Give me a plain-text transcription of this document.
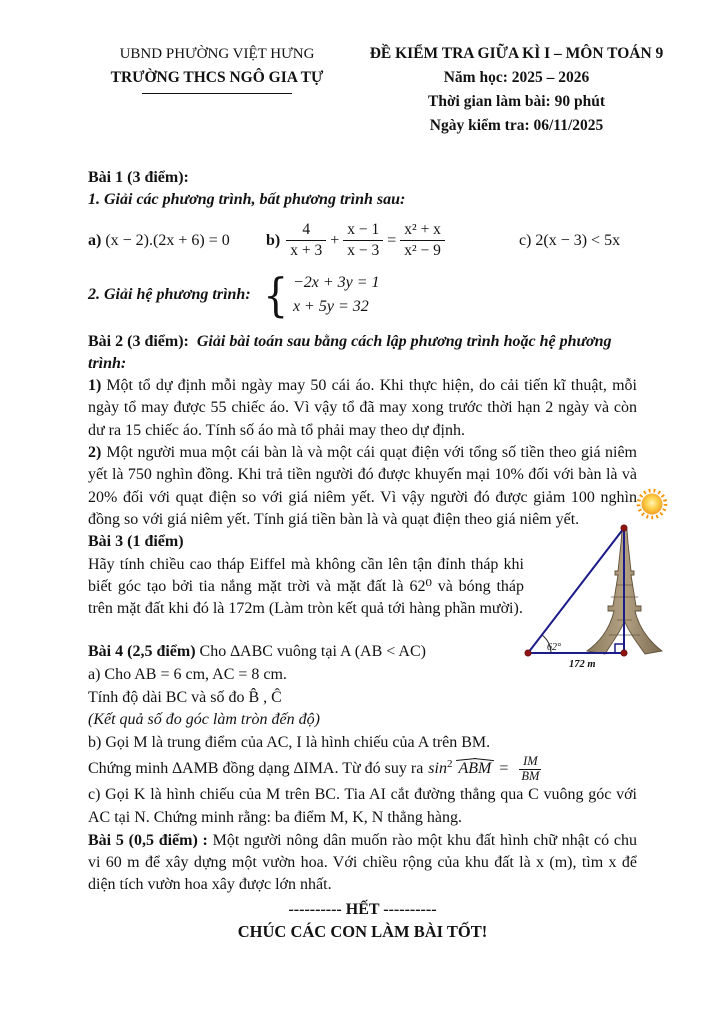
UBND PHƯỜNG VIỆT HƯNG
TRƯỜNG THCS NGÔ GIA TỰ
ĐỀ KIỂM TRA GIỮA KÌ I – MÔN TOÁN 9
Năm học: 2025 – 2026
Thời gian làm bài: 90 phút
Ngày kiểm tra: 06/11/2025

Bài 1 (3 điểm):

1. Giải các phương trình, bất phương trình sau:

a) (x − 2).(2x + 6) = 0	b)
$\frac{4}{x + 3} + \frac{x - 1}{x - 3} = \frac{\text{x² + x}}{\text{x² − 9}}$	c) 2(x − 3) < 5x
2. Giải hệ phương trình: { −2x + 3y = 1
x + 5y = 32

Bài 2 (3 điểm): Giải bài toán sau bằng cách lập phương trình hoặc hệ phương trình:

1) Một tổ dự định mỗi ngày may 50 cái áo. Khi thực hiện, do cải tiến kĩ thuật, mỗi ngày tổ may được 55 chiếc áo. Vì vậy tổ đã may xong trước thời hạn 2 ngày và còn dư ra 15 chiếc áo. Tính số áo mà tổ phải may theo dự định.

2) Một người mua một cái bàn là và một cái quạt điện với tổng số tiền theo giá niêm yết là 750 nghìn đồng. Khi trả tiền người đó được khuyến mại 10% đối với bàn là và 20% đối với quạt điện so với giá niêm yết. Vì vậy người đó được giảm 100 nghìn đồng so với giá niêm yết. Tính giá tiền bàn là và quạt điện theo giá niêm yết.

Bài 3 (1 điểm)

Hãy tính chiều cao tháp Eiffel mà không cần lên tận đỉnh tháp khi biết góc tạo bởi tia nắng mặt trời và mặt đất là 62⁰ và bóng tháp trên mặt đất khi đó là 172m (Làm tròn kết quả tới hàng phần mười).

Bài 4 (2,5 điểm) Cho ∆ABC vuông tại A (AB < AC)

a) Cho AB = 6 cm, AC = 8 cm.

Tính độ dài BC và số đo B̂ , Ĉ

(Kết quả số đo góc làm tròn đến độ)

b) Gọi M là trung điểm của AC, I là hình chiếu của A trên BM.

Chứng minh ∆AMB đồng dạng ∆IMA. Từ đó suy ra $\sin^2$ ABM = $\frac{IM}{BM}$

c) Gọi K là hình chiếu của M trên BC. Tia AI cắt đường thẳng qua C vuông góc với AC tại N. Chứng minh rằng: ba điểm M, K, N thẳng hàng.

Bài 5 (0,5 điểm) : Một người nông dân muốn rào một khu đất hình chữ nhật có chu vi 60 m để xây dựng một vườn hoa. Với chiều rộng của khu đất là x (m), tìm x để diện tích vườn hoa xây được lớn nhất.

---------- HẾT ----------

CHÚC CÁC CON LÀM BÀI TỐT!

62°
172 m
